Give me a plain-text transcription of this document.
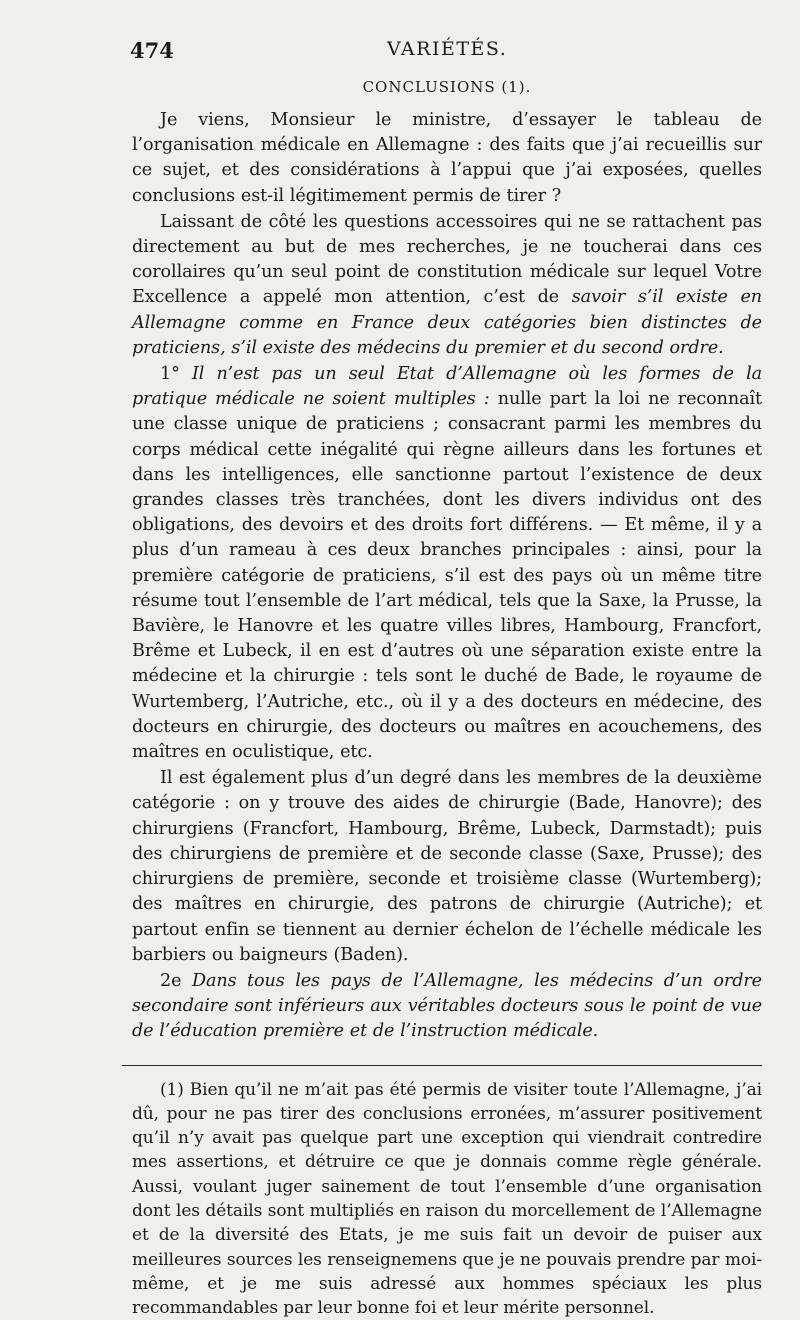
474	VARIÉTÉS.
CONCLUSIONS (1).

Je viens, Monsieur le ministre, d’essayer le tableau de l’organisation médicale en Allemagne : des faits que j’ai recueillis sur ce sujet, et des considérations à l’appui que j’ai exposées, quelles conclusions est-il légitimement permis de tirer ?

Laissant de côté les questions accessoires qui ne se rattachent pas directement au but de mes recherches, je ne toucherai dans ces corollaires qu’un seul point de constitution médicale sur lequel Votre Excellence a appelé mon attention, c’est de savoir s’il existe en Allemagne comme en France deux catégories bien distinctes de praticiens, s’il existe des médecins du premier et du second ordre.

1° Il n’est pas un seul Etat d’Allemagne où les formes de la pratique médicale ne soient multiples : nulle part la loi ne reconnaît une classe unique de praticiens ; consacrant parmi les membres du corps médical cette inégalité qui règne ailleurs dans les fortunes et dans les intelligences, elle sanctionne partout l’existence de deux grandes classes très tranchées, dont les divers individus ont des obligations, des devoirs et des droits fort différens. — Et même, il y a plus d’un rameau à ces deux branches principales : ainsi, pour la première catégorie de praticiens, s’il est des pays où un même titre résume tout l’ensemble de l’art médical, tels que la Saxe, la Prusse, la Bavière, le Hanovre et les quatre villes libres, Hambourg, Francfort, Brême et Lubeck, il en est d’autres où une séparation existe entre la médecine et la chirurgie : tels sont le duché de Bade, le royaume de Wurtemberg, l’Autriche, etc., où il y a des docteurs en médecine, des docteurs en chirurgie, des docteurs ou maîtres en acouchemens, des maîtres en oculistique, etc.

Il est également plus d’un degré dans les membres de la deuxième catégorie : on y trouve des aides de chirurgie (Bade, Hanovre); des chirurgiens (Francfort, Hambourg, Brême, Lubeck, Darmstadt); puis des chirurgiens de première et de seconde classe (Saxe, Prusse); des chirurgiens de première, seconde et troisième classe (Wurtemberg); des maîtres en chirurgie, des patrons de chirurgie (Autriche); et partout enfin se tiennent au dernier échelon de l’échelle médicale les barbiers ou baigneurs (Baden).

2e Dans tous les pays de l’Allemagne, les médecins d’un ordre secondaire sont inférieurs aux véritables docteurs sous le point de vue de l’éducation première et de l’instruction médicale.

(1) Bien qu’il ne m’ait pas été permis de visiter toute l’Allemagne, j’ai dû, pour ne pas tirer des conclusions erronées, m’assurer positivement qu’il n’y avait pas quelque part une exception qui viendrait contredire mes assertions, et détruire ce que je donnais comme règle générale. Aussi, voulant juger sainement de tout l’ensemble d’une organisation dont les détails sont multipliés en raison du morcellement de l’Allemagne et de la diversité des Etats, je me suis fait un devoir de puiser aux meilleures sources les renseignemens que je ne pouvais prendre par moi-même, et je me suis adressé aux hommes spéciaux les plus recommandables par leur bonne foi et leur mérite personnel.
